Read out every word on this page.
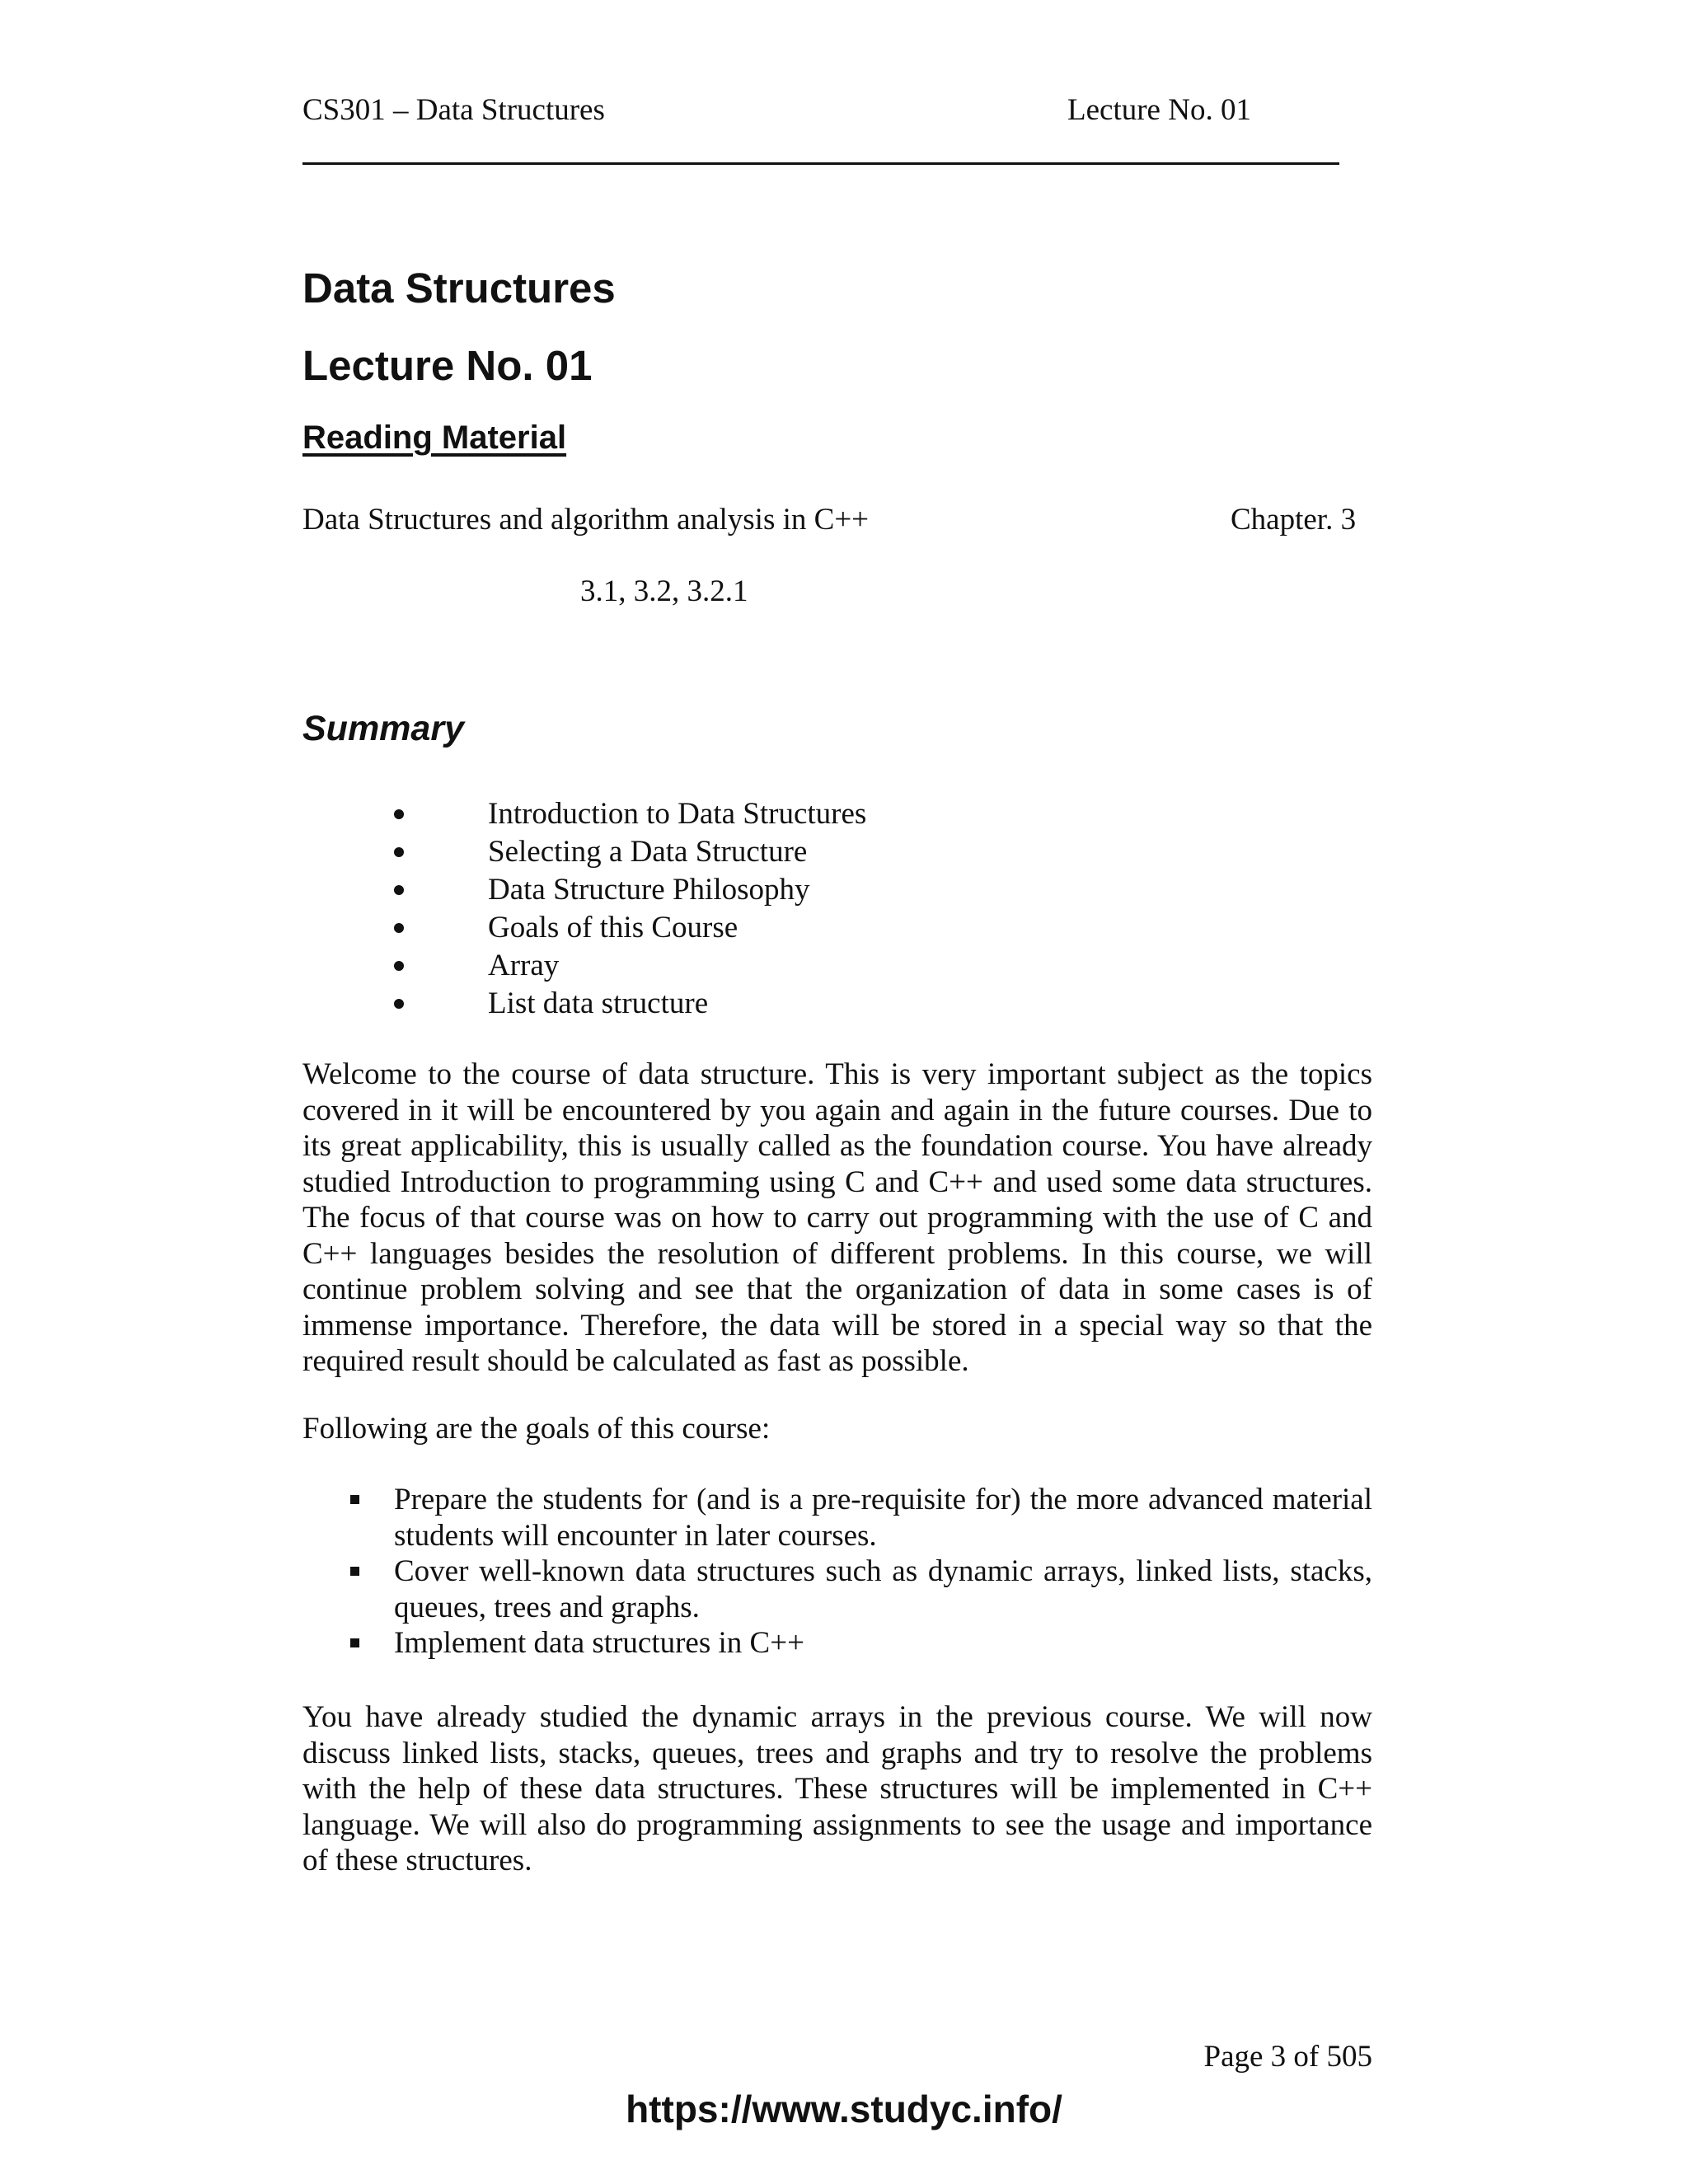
CS301 – Data Structures	Lecture No. 01
Data Structures
Lecture No. 01
Reading Material
Data Structures and algorithm analysis in C++	Chapter. 3
3.1, 3.2, 3.2.1
Summary
Introduction to Data Structures
Selecting a Data Structure
Data Structure Philosophy
Goals of this Course
Array
List data structure

Welcome to the course of data structure. This is very important subject as the topics covered in it will be encountered by you again and again in the future courses. Due to its great applicability, this is usually called as the foundation course. You have already studied Introduction to programming using C and C++ and used some data structures. The focus of that course was on how to carry out programming with the use of C and C++ languages besides the resolution of different problems. In this course, we will continue problem solving and see that the organization of data in some cases is of immense importance. Therefore, the data will be stored in a special way so that the required result should be calculated as fast as possible.

Following are the goals of this course:

Prepare the students for (and is a pre-requisite for) the more advanced material students will encounter in later courses.
Cover well-known data structures such as dynamic arrays, linked lists, stacks, queues, trees and graphs.
Implement data structures in C++

You have already studied the dynamic arrays in the previous course. We will now discuss linked lists, stacks, queues, trees and graphs and try to resolve the problems with the help of these data structures. These structures will be implemented in C++ language. We will also do programming assignments to see the usage and importance of these structures.

Page 3 of 505
https://www.studyc.info/
